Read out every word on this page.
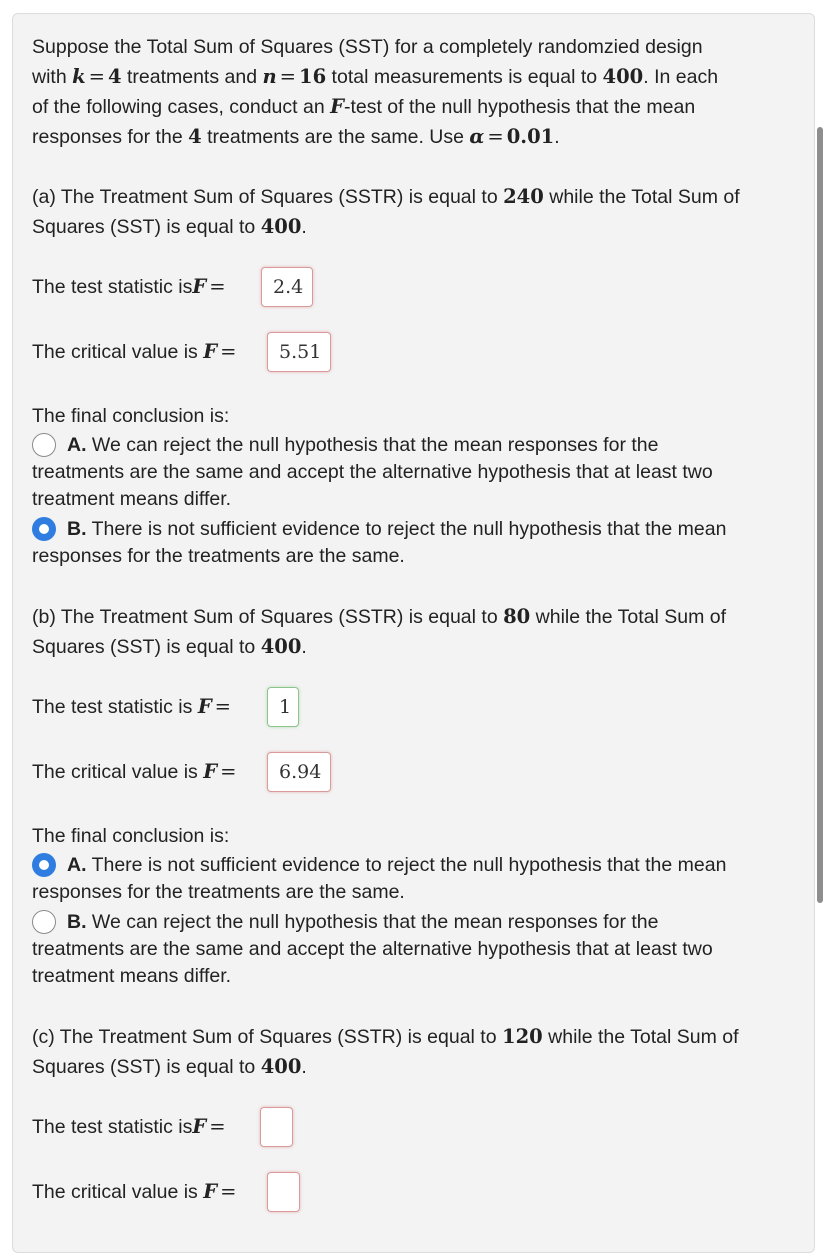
Suppose the Total Sum of Squares (SST) for a completely randomzied design
with k = 4 treatments and n = 16 total measurements is equal to 400. In each
of the following cases, conduct an F-test of the null hypothesis that the mean
responses for the 4 treatments are the same. Use α = 0.01.
(a) The Treatment Sum of Squares (SSTR) is equal to 240 while the Total Sum of
Squares (SST) is equal to 400.
The test statistic isF =	2.4
The critical value is F =	5.51
The final conclusion is:
A. We can reject the null hypothesis that the mean responses for the
treatments are the same and accept the alternative hypothesis that at least two
treatment means differ.
B. There is not sufficient evidence to reject the null hypothesis that the mean
responses for the treatments are the same.
(b) The Treatment Sum of Squares (SSTR) is equal to 80 while the Total Sum of
Squares (SST) is equal to 400.
The test statistic is F =	1
The critical value is F =	6.94
The final conclusion is:
A. There is not sufficient evidence to reject the null hypothesis that the mean
responses for the treatments are the same.
B. We can reject the null hypothesis that the mean responses for the
treatments are the same and accept the alternative hypothesis that at least two
treatment means differ.
(c) The Treatment Sum of Squares (SSTR) is equal to 120 while the Total Sum of
Squares (SST) is equal to 400.
The test statistic isF =
The critical value is F =
